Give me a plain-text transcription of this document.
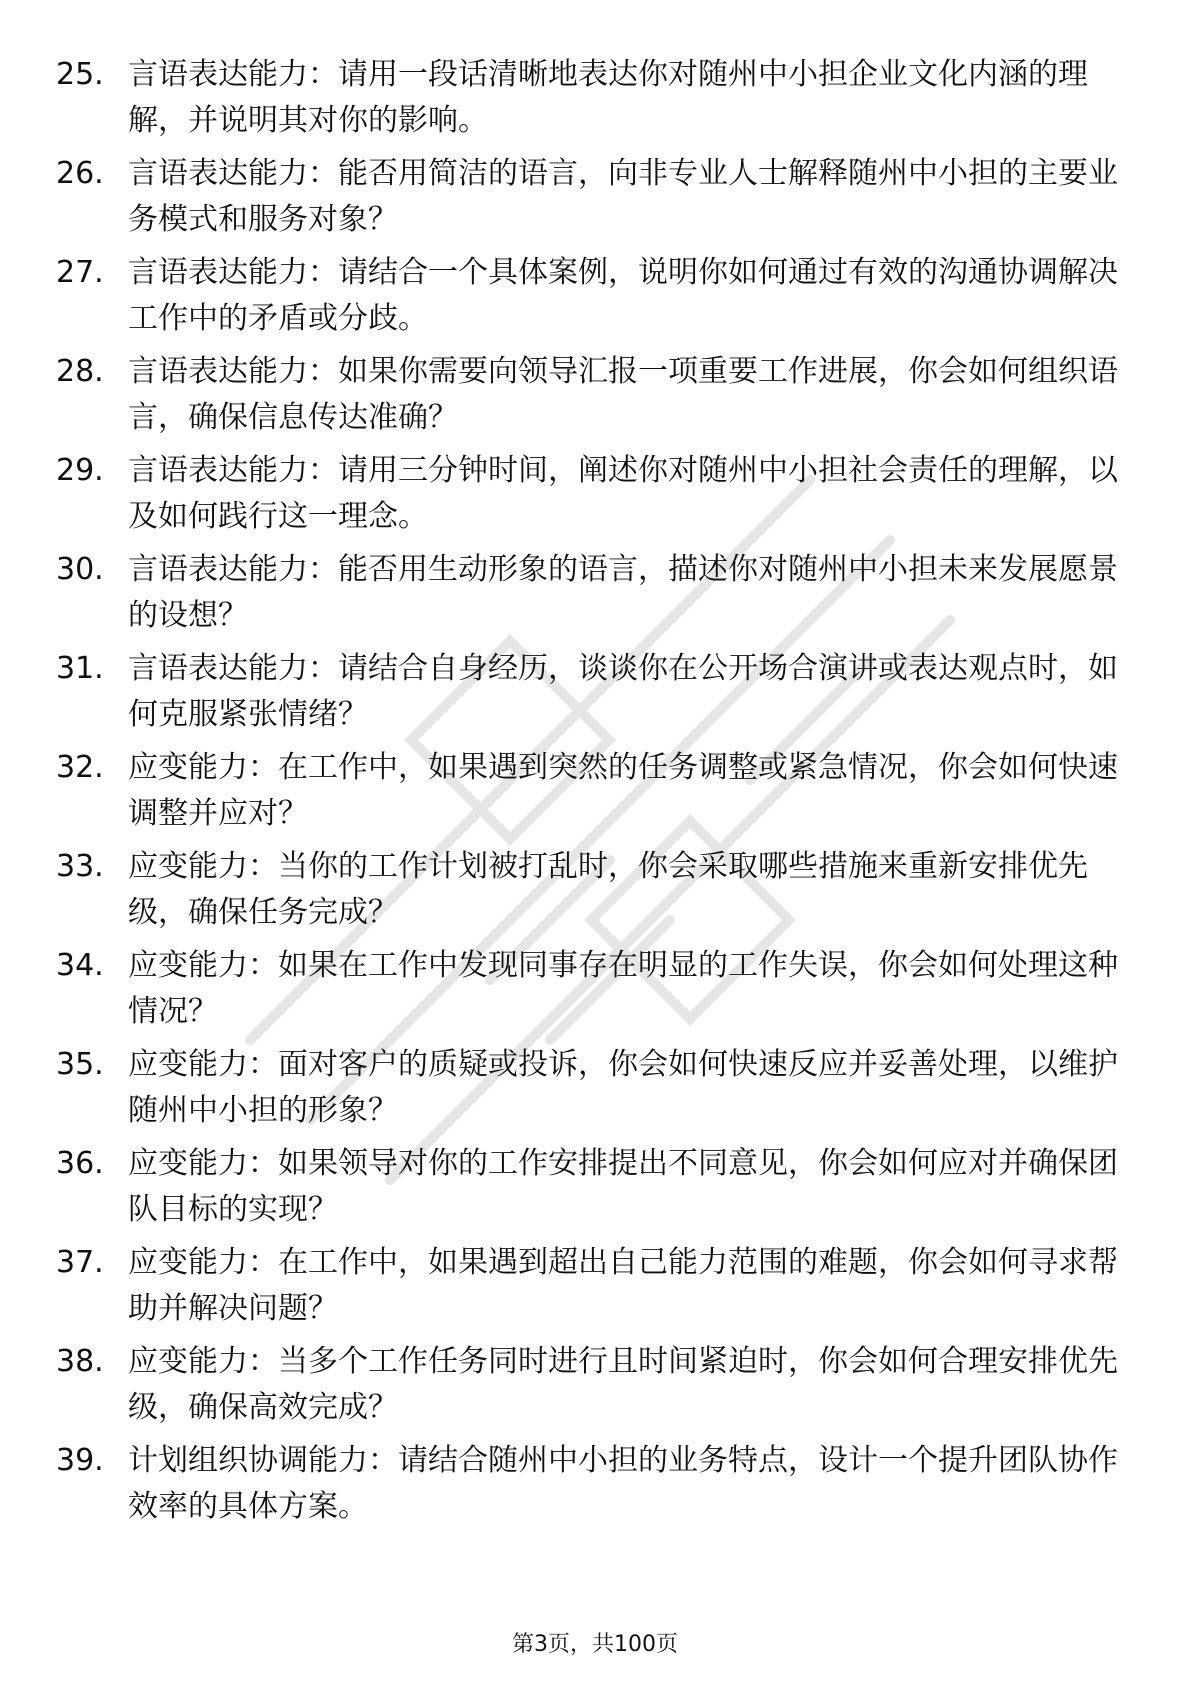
25. 言语表达能力：请用一段话清晰地表达你对随州中小担企业文化内涵的理解，并说明其对你的影响。
26. 言语表达能力：能否用简洁的语言，向非专业人士解释随州中小担的主要业务模式和服务对象？
27. 言语表达能力：请结合一个具体案例，说明你如何通过有效的沟通协调解决工作中的矛盾或分歧。
28. 言语表达能力：如果你需要向领导汇报一项重要工作进展，你会如何组织语言，确保信息传达准确？
29. 言语表达能力：请用三分钟时间，阐述你对随州中小担社会责任的理解，以及如何践行这一理念。
30. 言语表达能力：能否用生动形象的语言，描述你对随州中小担未来发展愿景的设想？
31. 言语表达能力：请结合自身经历，谈谈你在公开场合演讲或表达观点时，如何克服紧张情绪？
32. 应变能力：在工作中，如果遇到突然的任务调整或紧急情况，你会如何快速调整并应对？
33. 应变能力：当你的工作计划被打乱时，你会采取哪些措施来重新安排优先级，确保任务完成？
34. 应变能力：如果在工作中发现同事存在明显的工作失误，你会如何处理这种情况？
35. 应变能力：面对客户的质疑或投诉，你会如何快速反应并妥善处理，以维护随州中小担的形象？
36. 应变能力：如果领导对你的工作安排提出不同意见，你会如何应对并确保团队目标的实现？
37. 应变能力：在工作中，如果遇到超出自己能力范围的难题，你会如何寻求帮助并解决问题？
38. 应变能力：当多个工作任务同时进行且时间紧迫时，你会如何合理安排优先级，确保高效完成？
39. 计划组织协调能力：请结合随州中小担的业务特点，设计一个提升团队协作效率的具体方案。
第3页，共100页
